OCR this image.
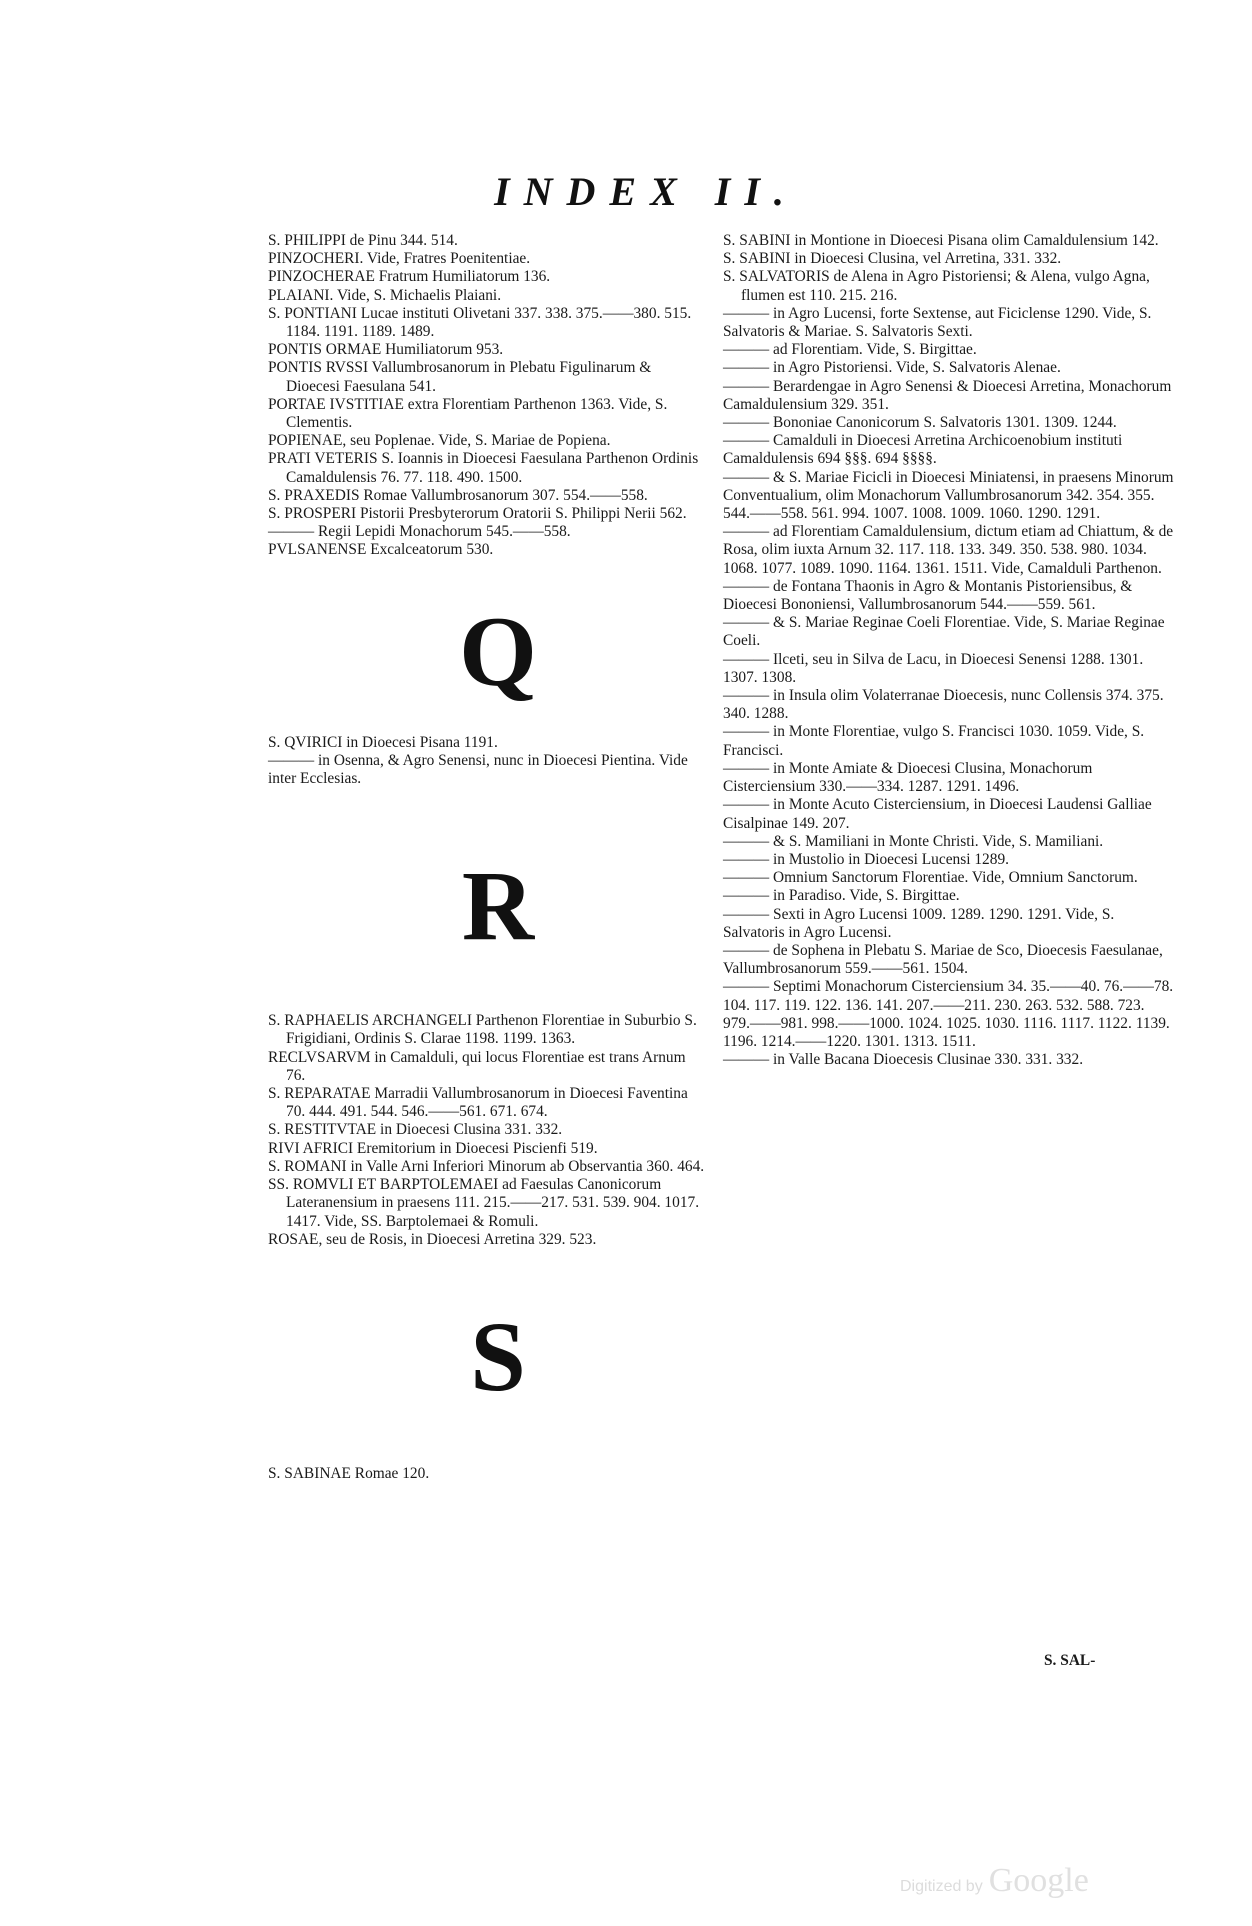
INDEX II.

S. PHILIPPI de Pinu 344. 514.

PINZOCHERI. Vide, Fratres Poenitentiae.

PINZOCHERAE Fratrum Humiliatorum 136.

PLAIANI. Vide, S. Michaelis Plaiani.

S. PONTIANI Lucae instituti Olivetani 337. 338. 375.——380. 515. 1184. 1191. 1189. 1489.

PONTIS ORMAE Humiliatorum 953.

PONTIS RVSSI Vallumbrosanorum in Plebatu Figulinarum & Dioecesi Faesulana 541.

PORTAE IVSTITIAE extra Florentiam Parthenon 1363. Vide, S. Clementis.

POPIENAE, seu Poplenae. Vide, S. Mariae de Popiena.

PRATI VETERIS S. Ioannis in Dioecesi Faesulana Parthenon Ordinis Camaldulensis 76. 77. 118. 490. 1500.

S. PRAXEDIS Romae Vallumbrosanorum 307. 554.——558.

S. PROSPERI Pistorii Presbyterorum Oratorii S. Philippi Nerii 562.

——— Regii Lepidi Monachorum 545.——558.

PVLSANENSE Excalceatorum 530.

Q

S. QVIRICI in Dioecesi Pisana 1191.

——— in Osenna, & Agro Senensi, nunc in Dioecesi Pientina. Vide inter Ecclesias.

R

S. RAPHAELIS ARCHANGELI Parthenon Florentiae in Suburbio S. Frigidiani, Ordinis S. Clarae 1198. 1199. 1363.

RECLVSARVM in Camalduli, qui locus Florentiae est trans Arnum 76.

S. REPARATAE Marradii Vallumbrosanorum in Dioecesi Faventina 70. 444. 491. 544. 546.——561. 671. 674.

S. RESTITVTAE in Dioecesi Clusina 331. 332.

RIVI AFRICI Eremitorium in Dioecesi Piscienfi 519.

S. ROMANI in Valle Arni Inferiori Minorum ab Observantia 360. 464.

SS. ROMVLI ET BARPTOLEMAEI ad Faesulas Canonicorum Lateranensium in praesens 111. 215.——217. 531. 539. 904. 1017. 1417. Vide, SS. Barptolemaei & Romuli.

ROSAE, seu de Rosis, in Dioecesi Arretina 329. 523.

S

S. SABINAE Romae 120.

S. SABINI in Montione in Dioecesi Pisana olim Camaldulensium 142.

S. SABINI in Dioecesi Clusina, vel Arretina, 331. 332.

S. SALVATORIS de Alena in Agro Pistoriensi; & Alena, vulgo Agna, flumen est 110. 215. 216.

——— in Agro Lucensi, forte Sextense, aut Ficiclense 1290. Vide, S. Salvatoris & Mariae. S. Salvatoris Sexti.

——— ad Florentiam. Vide, S. Birgittae.

——— in Agro Pistoriensi. Vide, S. Salvatoris Alenae.

——— Berardengae in Agro Senensi & Dioecesi Arretina, Monachorum Camaldulensium 329. 351.

——— Bononiae Canonicorum S. Salvatoris 1301. 1309. 1244.

——— Camalduli in Dioecesi Arretina Archicoenobium instituti Camaldulensis 694 §§§. 694 §§§§.

——— & S. Mariae Ficicli in Dioecesi Miniatensi, in praesens Minorum Conventualium, olim Monachorum Vallumbrosanorum 342. 354. 355. 544.——558. 561. 994. 1007. 1008. 1009. 1060. 1290. 1291.

——— ad Florentiam Camaldulensium, dictum etiam ad Chiattum, & de Rosa, olim iuxta Arnum 32. 117. 118. 133. 349. 350. 538. 980. 1034. 1068. 1077. 1089. 1090. 1164. 1361. 1511. Vide, Camalduli Parthenon.

——— de Fontana Thaonis in Agro & Montanis Pistoriensibus, & Dioecesi Bononiensi, Vallumbrosanorum 544.——559. 561.

——— & S. Mariae Reginae Coeli Florentiae. Vide, S. Mariae Reginae Coeli.

——— Ilceti, seu in Silva de Lacu, in Dioecesi Senensi 1288. 1301. 1307. 1308.

——— in Insula olim Volaterranae Dioecesis, nunc Collensis 374. 375. 340. 1288.

——— in Monte Florentiae, vulgo S. Francisci 1030. 1059. Vide, S. Francisci.

——— in Monte Amiate & Dioecesi Clusina, Monachorum Cisterciensium 330.——334. 1287. 1291. 1496.

——— in Monte Acuto Cisterciensium, in Dioecesi Laudensi Galliae Cisalpinae 149. 207.

——— & S. Mamiliani in Monte Christi. Vide, S. Mamiliani.

——— in Mustolio in Dioecesi Lucensi 1289.

——— Omnium Sanctorum Florentiae. Vide, Omnium Sanctorum.

——— in Paradiso. Vide, S. Birgittae.

——— Sexti in Agro Lucensi 1009. 1289. 1290. 1291. Vide, S. Salvatoris in Agro Lucensi.

——— de Sophena in Plebatu S. Mariae de Sco, Dioecesis Faesulanae, Vallumbrosanorum 559.——561. 1504.

——— Septimi Monachorum Cisterciensium 34. 35.——40. 76.——78. 104. 117. 119. 122. 136. 141. 207.——211. 230. 263. 532. 588. 723. 979.——981. 998.——1000. 1024. 1025. 1030. 1116. 1117. 1122. 1139. 1196. 1214.——1220. 1301. 1313. 1511.

——— in Valle Bacana Dioecesis Clusinae 330. 331. 332.

S. SAL-
Digitized by Google
